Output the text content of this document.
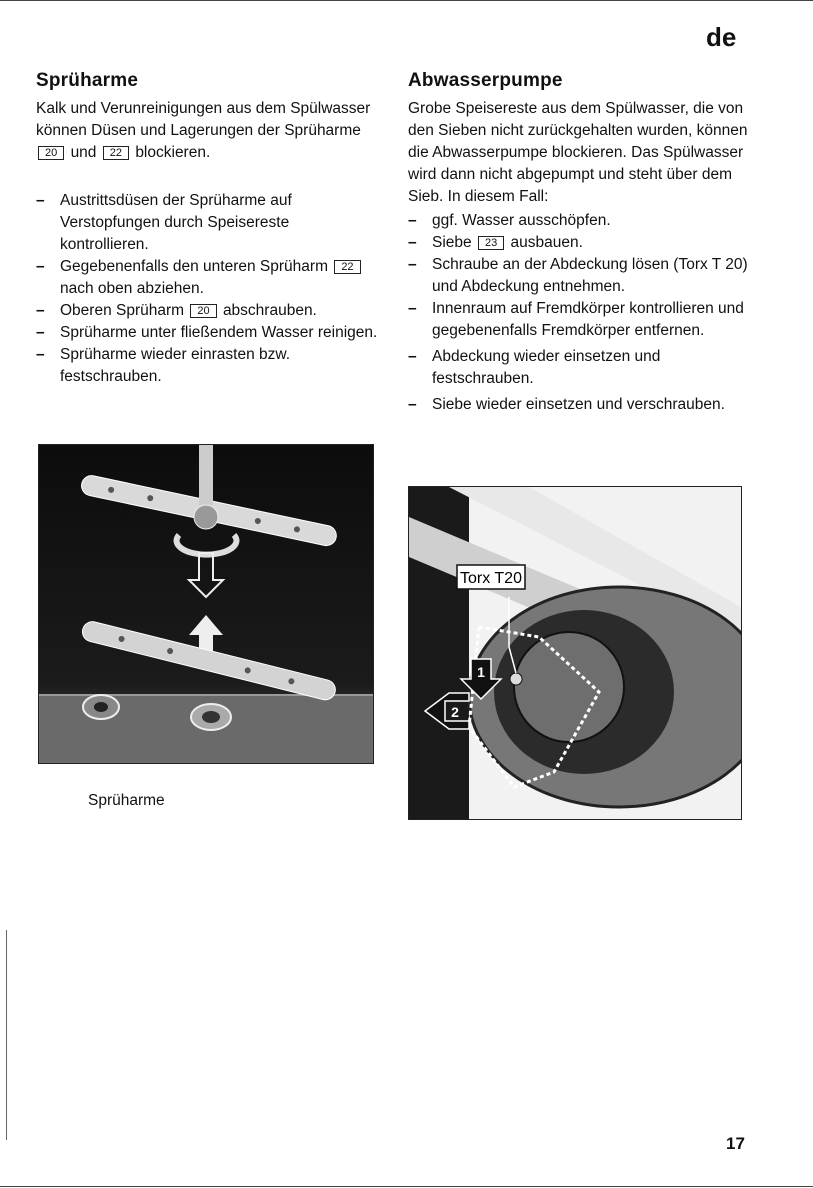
de
Sprüharme

Kalk und Verunreinigungen aus dem Spülwasser können Düsen und Lagerungen der Sprüharme 20 und 22 blockieren.

– Austrittsdüsen der Sprüharme auf Verstopfungen durch Speisereste kontrollieren.
– Gegebenenfalls den unteren Sprüharm 22 nach oben abziehen.
– Oberen Sprüharm 20 abschrauben.
– Sprüharme unter fließendem Wasser reinigen.
– Sprüharme wieder einrasten bzw. festschrauben.
Sprüharme
Abwasserpumpe

Grobe Speisereste aus dem Spülwasser, die von den Sieben nicht zurückgehalten wurden, können die Abwasserpumpe blockieren. Das Spülwasser wird dann nicht abgepumpt und steht über dem Sieb. In diesem Fall:

– ggf. Wasser ausschöpfen.
– Siebe 23 ausbauen.
– Schraube an der Abdeckung lösen (Torx T 20) und Abdeckung entnehmen.
– Innenraum auf Fremdkörper kontrollieren und gegebenenfalls Fremdkörper entfernen.
– Abdeckung wieder einsetzen und festschrauben.
– Siebe wieder einsetzen und verschrauben.
Torx T20
1
2
17
